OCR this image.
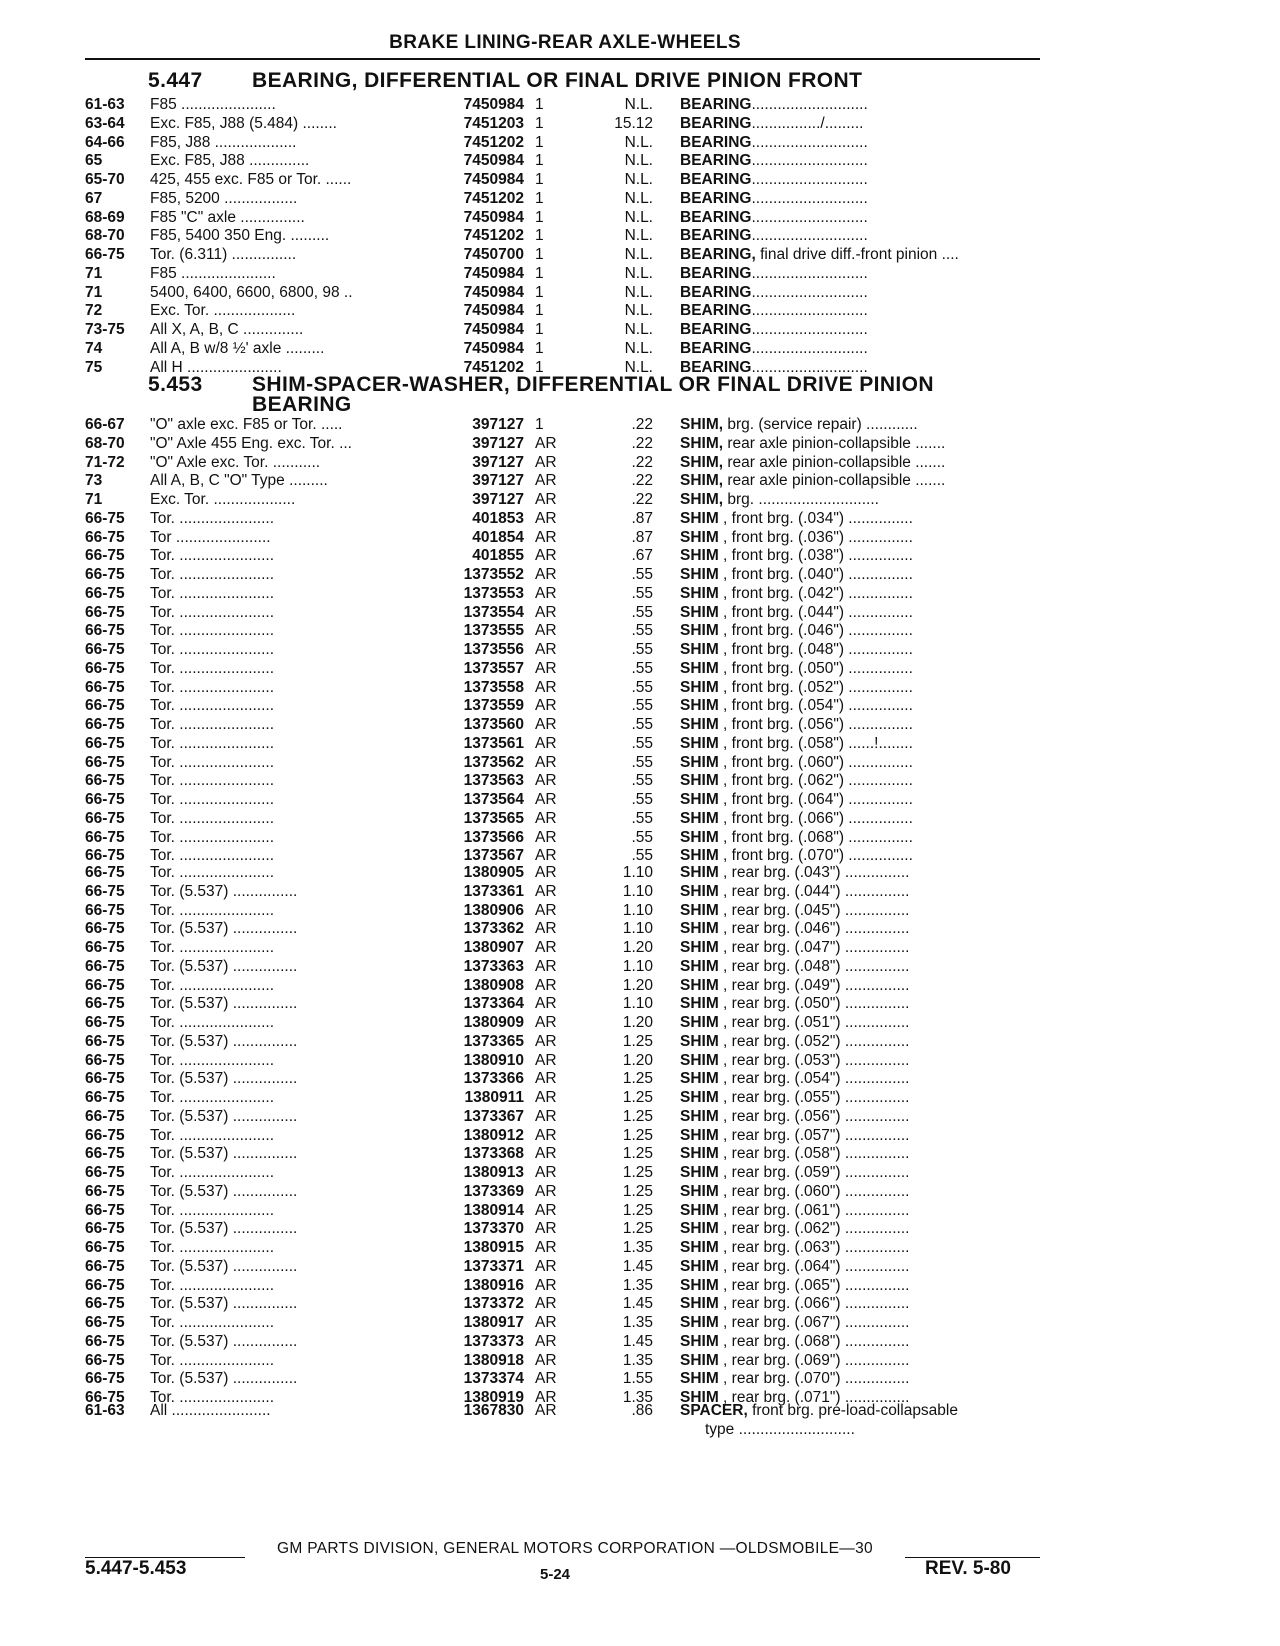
BRAKE LINING-REAR AXLE-WHEELS
5.447 BEARING, DIFFERENTIAL OR FINAL DRIVE PINION FRONT
61-63	F85 ......................	7450984 1	N.L. BEARING...........................
63-64	Exc. F85, J88 (5.484) ........	7451203 1	15.12 BEARING................/.........
64-66	F85, J88 ...................	7451202 1	N.L. BEARING...........................
65	Exc. F85, J88 ..............	7450984 1	N.L. BEARING...........................
65-70	425, 455 exc. F85 or Tor. ......	7450984 1	N.L. BEARING...........................
67	F85, 5200 .................	7451202 1	N.L. BEARING...........................
68-69	F85 "C" axle ...............	7450984 1	N.L. BEARING...........................
68-70	F85, 5400 350 Eng. .........	7451202 1	N.L. BEARING...........................
66-75	Tor. (6.311) ...............	7450700 1	N.L. BEARING, final drive diff.-front pinion ....
71	F85 ......................	7450984 1	N.L. BEARING...........................
71	5400, 6400, 6600, 6800, 98 ..	7450984 1	N.L. BEARING...........................
72	Exc. Tor. ...................	7450984 1	N.L. BEARING...........................
73-75	All X, A, B, C ..............	7450984 1	N.L. BEARING...........................
74	All A, B w/8 ½' axle .........	7450984 1	N.L. BEARING...........................
75	All H ......................	7451202 1	N.L. BEARING...........................
5.453 SHIM-SPACER-WASHER, DIFFERENTIAL OR FINAL DRIVE PINION
BEARING
66-67	"O" axle exc. F85 or Tor. .....	397127 1	.22 SHIM, brg. (service repair) ............
68-70	"O" Axle 455 Eng. exc. Tor. ...	397127 AR	.22 SHIM, rear axle pinion-collapsible .......
71-72	"O" Axle exc. Tor. ...........	397127 AR	.22 SHIM, rear axle pinion-collapsible .......
73	All A, B, C "O" Type .........	397127 AR	.22 SHIM, rear axle pinion-collapsible .......
71	Exc. Tor. ...................	397127 AR	.22 SHIM, brg. ............................
66-75	Tor. ......................	401853 AR	.87 SHIM , front brg. (.034") ...............
66-75	Tor ......................	401854 AR	.87 SHIM , front brg. (.036") ...............
66-75	Tor. ......................	401855 AR	.67 SHIM , front brg. (.038") ...............
66-75	Tor. ......................	1373552 AR	.55 SHIM , front brg. (.040") ...............
66-75	Tor. ......................	1373553 AR	.55 SHIM , front brg. (.042") ...............
66-75	Tor. ......................	1373554 AR	.55 SHIM , front brg. (.044") ...............
66-75	Tor. ......................	1373555 AR	.55 SHIM , front brg. (.046") ...............
66-75	Tor. ......................	1373556 AR	.55 SHIM , front brg. (.048") ...............
66-75	Tor. ......................	1373557 AR	.55 SHIM , front brg. (.050") ...............
66-75	Tor. ......................	1373558 AR	.55 SHIM , front brg. (.052") ...............
66-75	Tor. ......................	1373559 AR	.55 SHIM , front brg. (.054") ...............
66-75	Tor. ......................	1373560 AR	.55 SHIM , front brg. (.056") ...............
66-75	Tor. ......................	1373561 AR	.55 SHIM , front brg. (.058") ......!........
66-75	Tor. ......................	1373562 AR	.55 SHIM , front brg. (.060") ...............
66-75	Tor. ......................	1373563 AR	.55 SHIM , front brg. (.062") ...............
66-75	Tor. ......................	1373564 AR	.55 SHIM , front brg. (.064") ...............
66-75	Tor. ......................	1373565 AR	.55 SHIM , front brg. (.066") ...............
66-75	Tor. ......................	1373566 AR	.55 SHIM , front brg. (.068") ...............
66-75	Tor. ......................	1373567 AR	.55 SHIM , front brg. (.070") ...............
66-75	Tor. ......................	1380905 AR	1.10 SHIM , rear brg. (.043") ...............
66-75	Tor. (5.537) ...............	1373361 AR	1.10 SHIM , rear brg. (.044") ...............
66-75	Tor. ......................	1380906 AR	1.10 SHIM , rear brg. (.045") ...............
66-75	Tor. (5.537) ...............	1373362 AR	1.10 SHIM , rear brg. (.046") ...............
66-75	Tor. ......................	1380907 AR	1.20 SHIM , rear brg. (.047") ...............
66-75	Tor. (5.537) ...............	1373363 AR	1.10 SHIM , rear brg. (.048") ...............
66-75	Tor. ......................	1380908 AR	1.20 SHIM , rear brg. (.049") ...............
66-75	Tor. (5.537) ...............	1373364 AR	1.10 SHIM , rear brg. (.050") ...............
66-75	Tor. ......................	1380909 AR	1.20 SHIM , rear brg. (.051") ...............
66-75	Tor. (5.537) ...............	1373365 AR	1.25 SHIM , rear brg. (.052") ...............
66-75	Tor. ......................	1380910 AR	1.20 SHIM , rear brg. (.053") ...............
66-75	Tor. (5.537) ...............	1373366 AR	1.25 SHIM , rear brg. (.054") ...............
66-75	Tor. ......................	1380911 AR	1.25 SHIM , rear brg. (.055") ...............
66-75	Tor. (5.537) ...............	1373367 AR	1.25 SHIM , rear brg. (.056") ...............
66-75	Tor. ......................	1380912 AR	1.25 SHIM , rear brg. (.057") ...............
66-75	Tor. (5.537) ...............	1373368 AR	1.25 SHIM , rear brg. (.058") ...............
66-75	Tor. ......................	1380913 AR	1.25 SHIM , rear brg. (.059") ...............
66-75	Tor. (5.537) ...............	1373369 AR	1.25 SHIM , rear brg. (.060") ...............
66-75	Tor. ......................	1380914 AR	1.25 SHIM , rear brg. (.061") ...............
66-75	Tor. (5.537) ...............	1373370 AR	1.25 SHIM , rear brg. (.062") ...............
66-75	Tor. ......................	1380915 AR	1.35 SHIM , rear brg. (.063") ...............
66-75	Tor. (5.537) ...............	1373371 AR	1.45 SHIM , rear brg. (.064") ...............
66-75	Tor. ......................	1380916 AR	1.35 SHIM , rear brg. (.065") ...............
66-75	Tor. (5.537) ...............	1373372 AR	1.45 SHIM , rear brg. (.066") ...............
66-75	Tor. ......................	1380917 AR	1.35 SHIM , rear brg. (.067") ...............
66-75	Tor. (5.537) ...............	1373373 AR	1.45 SHIM , rear brg. (.068") ...............
66-75	Tor. ......................	1380918 AR	1.35 SHIM , rear brg. (.069") ...............
66-75	Tor. (5.537) ...............	1373374 AR	1.55 SHIM , rear brg. (.070") ...............
66-75	Tor. ......................	1380919 AR	1.35 SHIM , rear brg. (.071") ...............
61-63	All .......................	1367830 AR	.86 SPACER, front brg. pre-load-collapsable
type ...........................
GM PARTS DIVISION, GENERAL MOTORS CORPORATION —OLDSMOBILE—30
5.447-5.453	5-24	REV. 5-80
